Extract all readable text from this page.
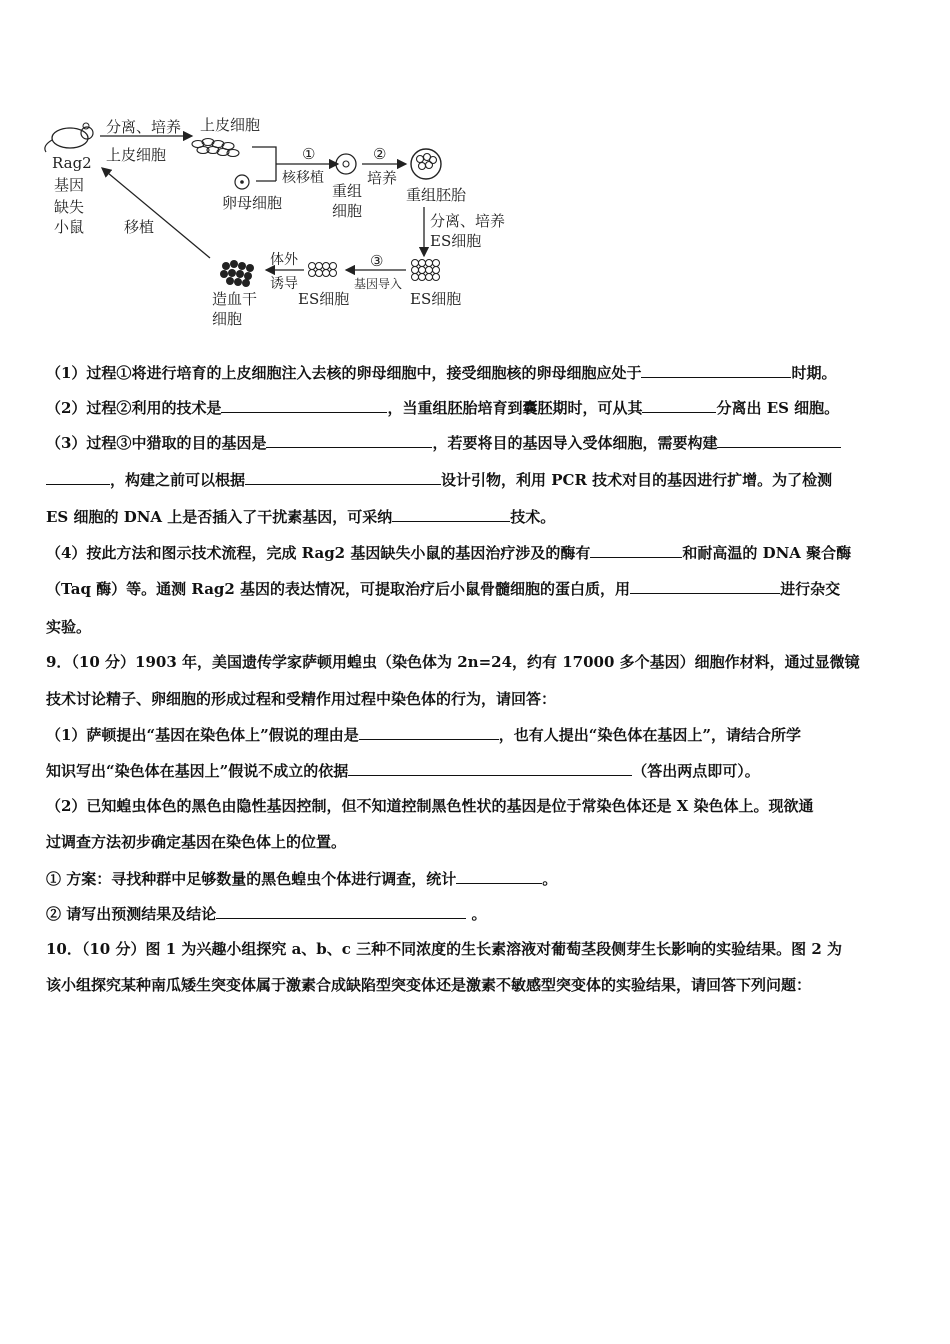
Rag2
基因
缺失
小鼠
分离、培养
上皮细胞
上皮细胞
①
核移植
卵母细胞
重组
细胞
②
培养
重组胚胎
分离、培养
ES细胞
ES细胞
③
基因导入
ES细胞
体外
诱导
造血干
细胞
移植
（1）过程①将进行培育的上皮细胞注入去核的卵母细胞中，接受细胞核的卵母细胞应处于	时期。
（2）过程②利用的技术是	，当重组胚胎培育到囊胚期时，可从其	分离出 ES 细胞。
（3）过程③中猎取的目的基因是	，若要将目的基因导入受体细胞，需要构建
，构建之前可以根据	设计引物，利用 PCR 技术对目的基因进行扩增。为了检测
ES 细胞的 DNA 上是否插入了干扰素基因，可采纳	技术。
（4）按此方法和图示技术流程，完成 Rag2 基因缺失小鼠的基因治疗涉及的酶有	和耐高温的 DNA 聚合酶
（Taq 酶）等。通测 Rag2 基因的表达情况，可提取治疗后小鼠骨髓细胞的蛋白质，用	进行杂交
实验。
9．（10 分）1903 年，美国遗传学家萨顿用蝗虫（染色体为 2n=24，约有 17000 多个基因）细胞作材料，通过显微镜
技术讨论精子、卵细胞的形成过程和受精作用过程中染色体的行为，请回答：
（1）萨顿提出“基因在染色体上”假说的理由是	，也有人提出“染色体在基因上”，请结合所学
知识写出“染色体在基因上”假说不成立的依据	（答出两点即可）。
（2）已知蝗虫体色的黑色由隐性基因控制，但不知道控制黑色性状的基因是位于常染色体还是 X 染色体上。现欲通
过调查方法初步确定基因在染色体上的位置。
① 方案：寻找种群中足够数量的黑色蝗虫个体进行调查，统计	。
② 请写出预测结果及结论	。
10．（10 分）图 1 为兴趣小组探究 a、b、c 三种不同浓度的生长素溶液对葡萄茎段侧芽生长影响的实验结果。图 2 为
该小组探究某种南瓜矮生突变体属于激素合成缺陷型突变体还是激素不敏感型突变体的实验结果，请回答下列问题：
